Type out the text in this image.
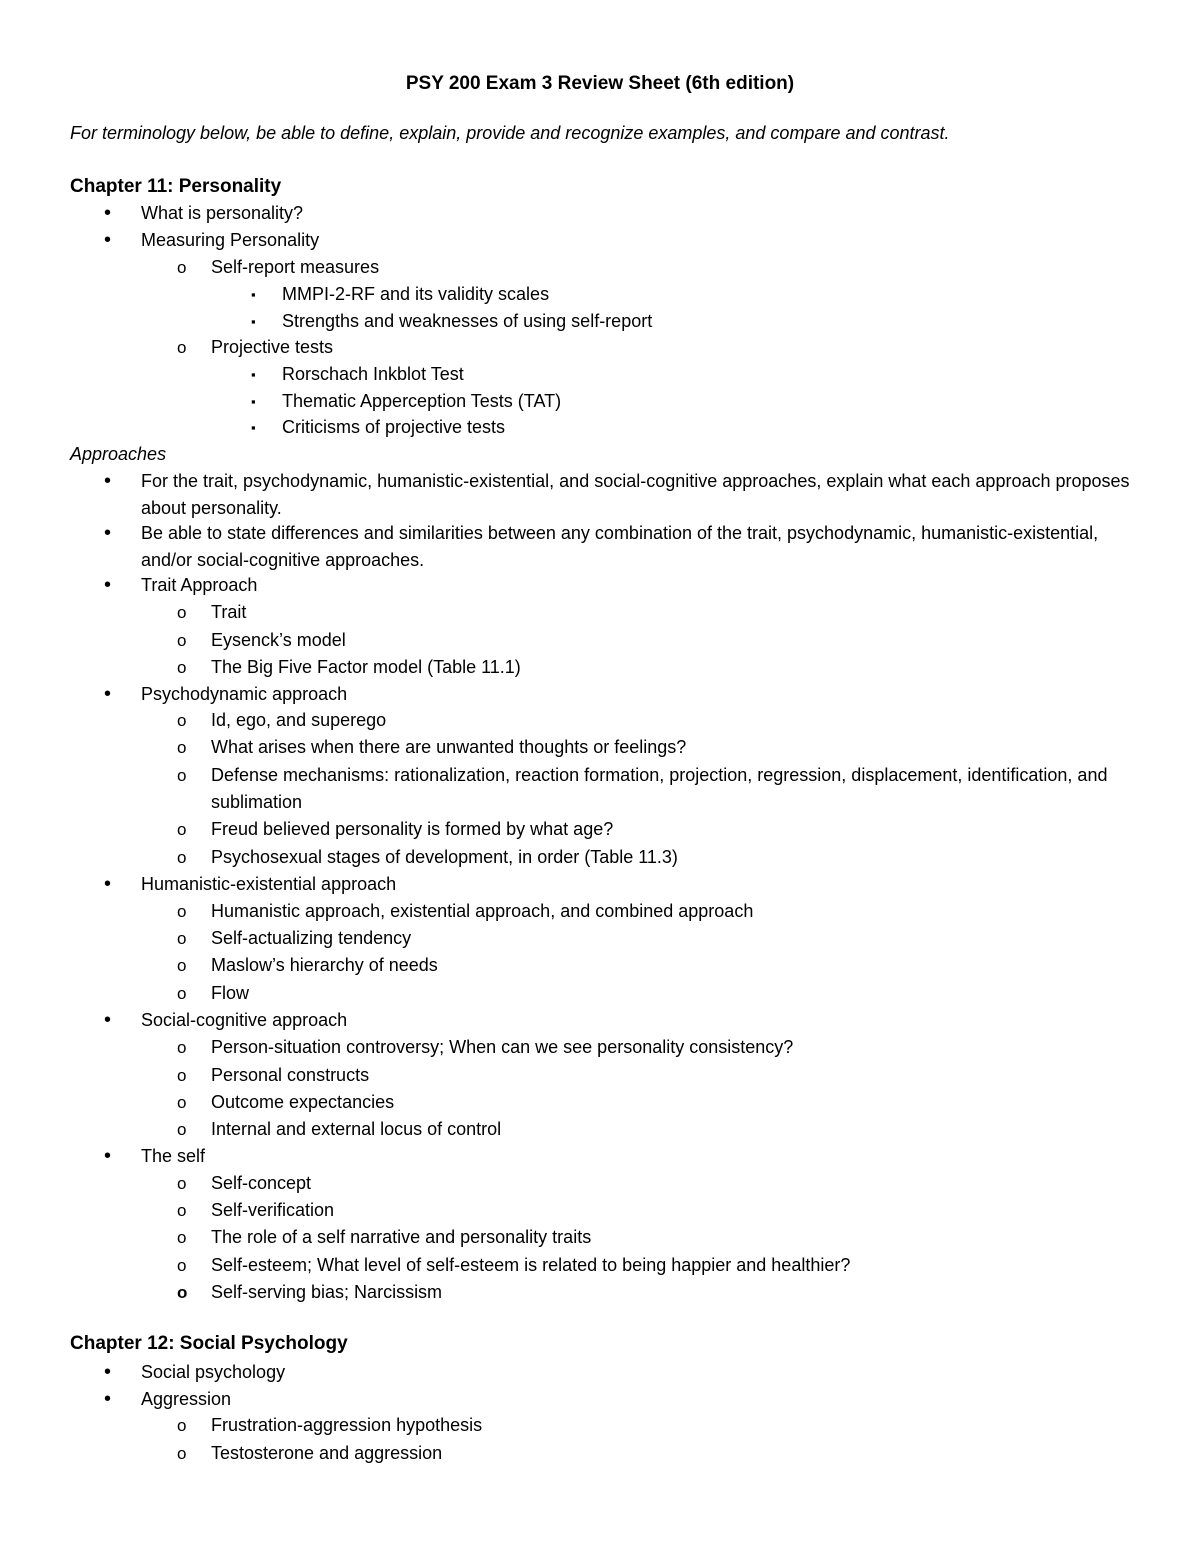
PSY 200 Exam 3 Review Sheet (6th edition)
For terminology below, be able to define, explain, provide and recognize examples, and compare and contrast.
Chapter 11: Personality
• What is personality?
• Measuring Personality
o Self-report measures
▪ MMPI-2-RF and its validity scales
▪ Strengths and weaknesses of using self-report
o Projective tests
▪ Rorschach Inkblot Test
▪ Thematic Apperception Tests (TAT)
▪ Criticisms of projective tests
Approaches
• For the trait, psychodynamic, humanistic-existential, and social-cognitive approaches, explain what each approach proposes about personality.
• Be able to state differences and similarities between any combination of the trait, psychodynamic, humanistic-existential, and/or social-cognitive approaches.
• Trait Approach
o Trait
o Eysenck’s model
o The Big Five Factor model (Table 11.1)
• Psychodynamic approach
o Id, ego, and superego
o What arises when there are unwanted thoughts or feelings?
o Defense mechanisms: rationalization, reaction formation, projection, regression, displacement, identification, and sublimation
o Freud believed personality is formed by what age?
o Psychosexual stages of development, in order (Table 11.3)
• Humanistic-existential approach
o Humanistic approach, existential approach, and combined approach
o Self-actualizing tendency
o Maslow’s hierarchy of needs
o Flow
• Social-cognitive approach
o Person-situation controversy; When can we see personality consistency?
o Personal constructs
o Outcome expectancies
o Internal and external locus of control
• The self
o Self-concept
o Self-verification
o The role of a self narrative and personality traits
o Self-esteem; What level of self-esteem is related to being happier and healthier?
o Self-serving bias; Narcissism
Chapter 12: Social Psychology
• Social psychology
• Aggression
o Frustration-aggression hypothesis
o Testosterone and aggression
